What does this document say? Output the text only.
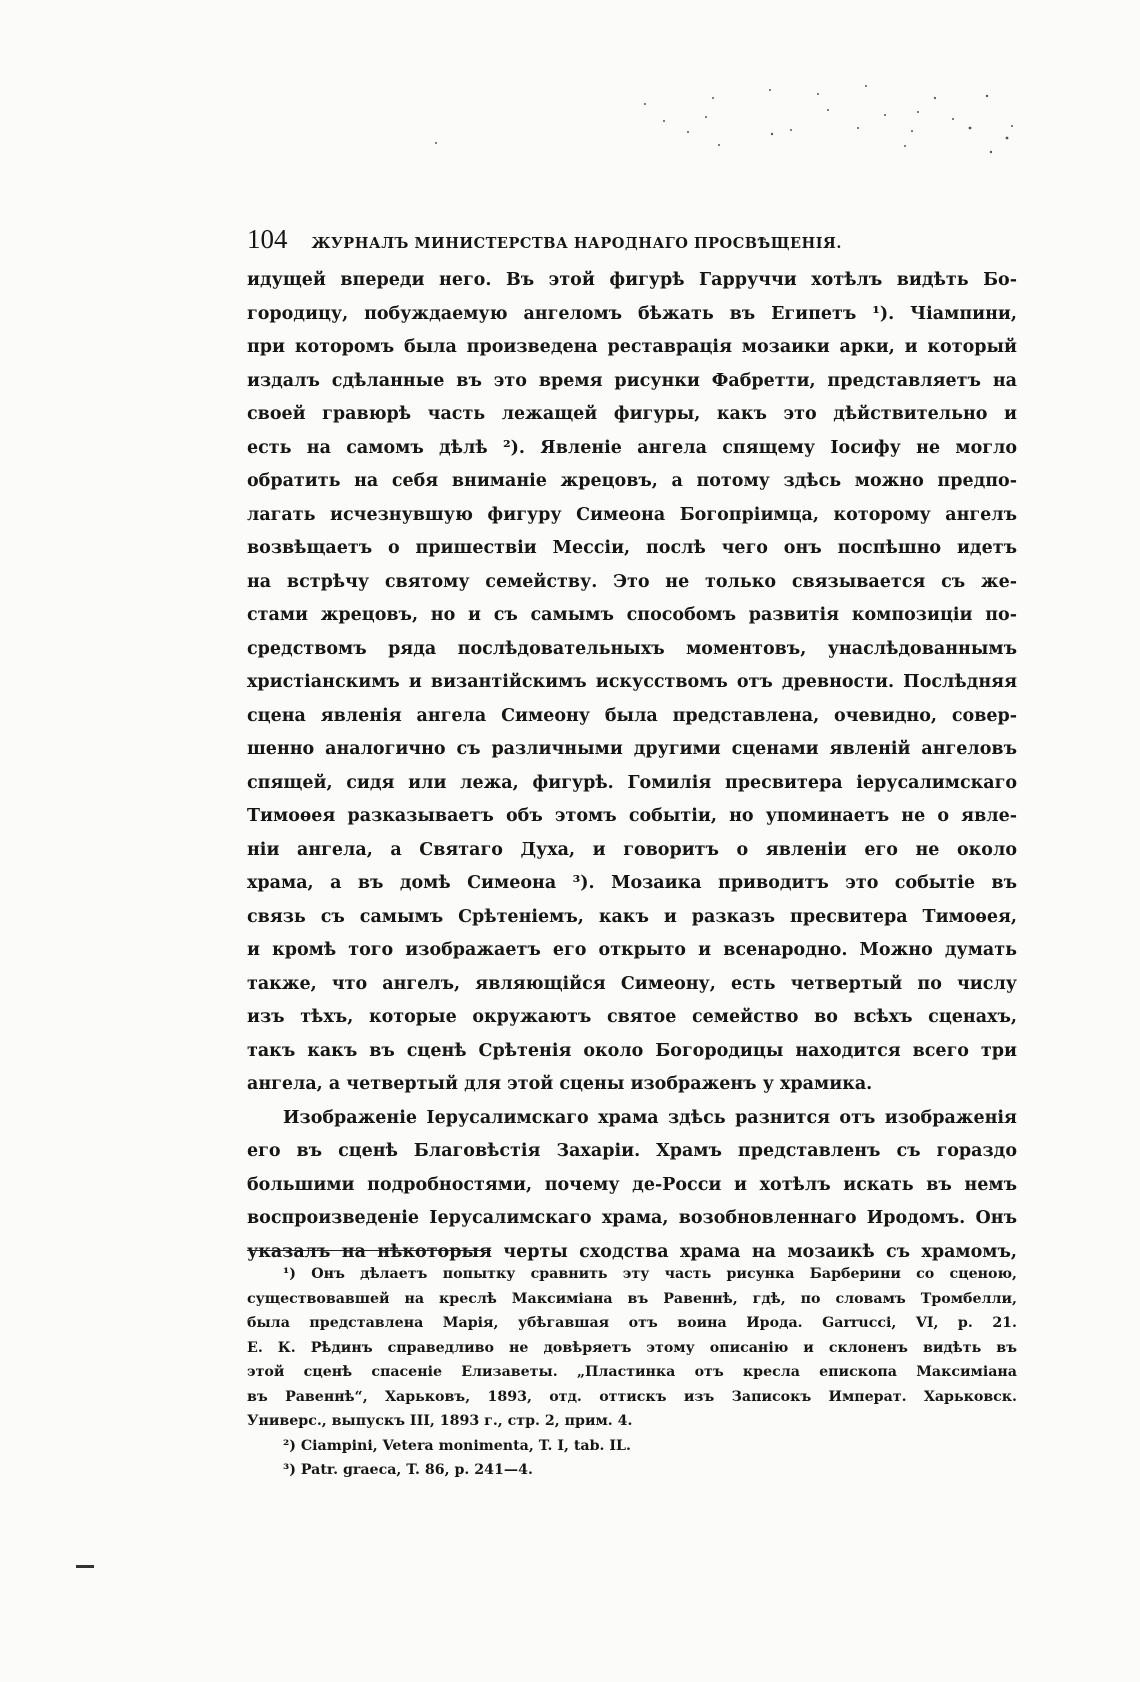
104 ЖУРНАЛЪ МИНИСТЕРСТВА НАРОДНАГО ПРОСВѢЩЕНІЯ.
идущей впереди него. Въ этой фигурѣ Гарруччи хотѣлъ видѣть Бо-
городицу, побуждаемую ангеломъ бѣжать въ Египетъ ¹). Чіампини,
при которомъ была произведена реставрація мозаики арки, и который
издалъ сдѣланные въ это время рисунки Фабретти, представляетъ на
своей гравюрѣ часть лежащей фигуры, какъ это дѣйствительно и
есть на самомъ дѣлѣ ²). Явленіе ангела спящему Іосифу не могло
обратить на себя вниманіе жрецовъ, а потому здѣсь можно предпо-
лагать исчезнувшую фигуру Симеона Богопріимца, которому ангелъ
возвѣщаетъ о пришествіи Мессіи, послѣ чего онъ поспѣшно идетъ
на встрѣчу святому семейству. Это не только связывается съ же-
стами жрецовъ, но и съ самымъ способомъ развитія композиціи по-
средствомъ ряда послѣдовательныхъ моментовъ, унаслѣдованнымъ
христіанскимъ и византійскимъ искусствомъ отъ древности. Послѣдняя
сцена явленія ангела Симеону была представлена, очевидно, совер-
шенно аналогично съ различными другими сценами явленій ангеловъ
спящей, сидя или лежа, фигурѣ. Гомилія пресвитера іерусалимскаго
Тимоѳея разказываетъ объ этомъ событіи, но упоминаетъ не о явле-
ніи ангела, а Святаго Духа, и говоритъ о явленіи его не около
храма, а въ домѣ Симеона ³). Мозаика приводитъ это событіе въ
связь съ самымъ Срѣтеніемъ, какъ и разказъ пресвитера Тимоѳея,
и кромѣ того изображаетъ его открыто и всенародно. Можно думать
также, что ангелъ, являющійся Симеону, есть четвертый по числу
изъ тѣхъ, которые окружаютъ святое семейство во всѣхъ сценахъ,
такъ какъ въ сценѣ Срѣтенія около Богородицы находится всего три
ангела, а четвертый для этой сцены изображенъ у храмика.
Изображеніе Іерусалимскаго храма здѣсь разнится отъ изображенія
его въ сценѣ Благовѣстія Захаріи. Храмъ представленъ съ гораздо
большими подробностями, почему де-Росси и хотѣлъ искать въ немъ
воспроизведеніе Іерусалимскаго храма, возобновленнаго Иродомъ. Онъ
указалъ на нѣкоторыя черты сходства храма на мозаикѣ съ храмомъ,
¹) Онъ дѣлаетъ попытку сравнить эту часть рисунка Барберини со сценою,
существовавшей на креслѣ Максиміана въ Равеннѣ, гдѣ, по словамъ Тромбелли,
была представлена Марія, убѣгавшая отъ воина Ирода. Garrucci, VI, p. 21.
Е. К. Рѣдинъ справедливо не довѣряетъ этому описанію и склоненъ видѣть въ
этой сценѣ спасеніе Елизаветы. „Пластинка отъ кресла епископа Максиміана
въ Равеннѣ“, Харьковъ, 1893, отд. оттискъ изъ Записокъ Императ. Харьковск.
Универс., выпускъ III, 1893 г., стр. 2, прим. 4.
²) Ciampini, Vetera monimenta, T. I, tab. IL.
³) Patr. graeca, T. 86, p. 241—4.
